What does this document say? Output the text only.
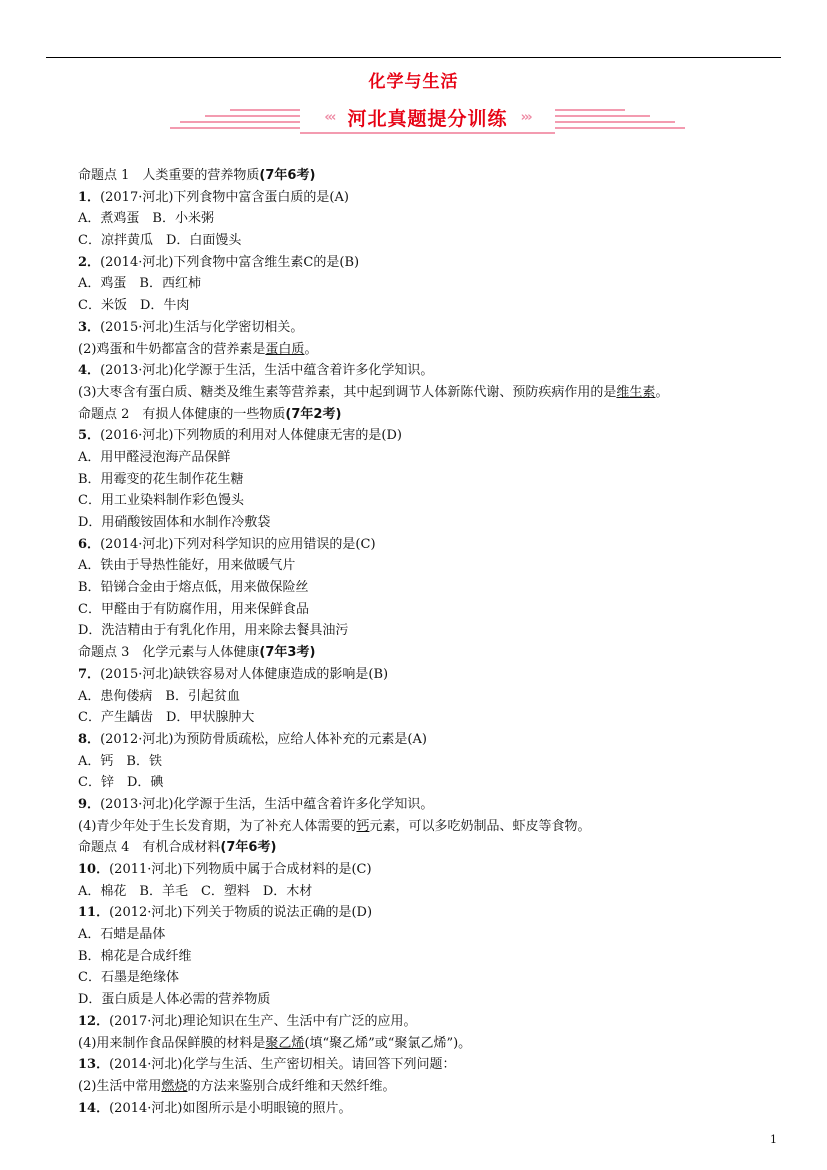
化学与生活
‹‹‹ 河北真题提分训练 ›››
命题点 1  人类重要的营养物质(7年6考)
1．(2017·河北)下列食物中富含蛋白质的是(A)
A．煮鸡蛋　B．小米粥
C．凉拌黄瓜　D．白面馒头
2．(2014·河北)下列食物中富含维生素C的是(B)
A．鸡蛋　B．西红柿
C．米饭　D．牛肉
3．(2015·河北)生活与化学密切相关。
(2)鸡蛋和牛奶都富含的营养素是蛋白质。
4．(2013·河北)化学源于生活，生活中蕴含着许多化学知识。
(3)大枣含有蛋白质、糖类及维生素等营养素，其中起到调节人体新陈代谢、预防疾病作用的是维生素。
命题点 2  有损人体健康的一些物质(7年2考)
5．(2016·河北)下列物质的利用对人体健康无害的是(D)
A．用甲醛浸泡海产品保鲜
B．用霉变的花生制作花生糖
C．用工业染料制作彩色馒头
D．用硝酸铵固体和水制作冷敷袋
6．(2014·河北)下列对科学知识的应用错误的是(C)
A．铁由于导热性能好，用来做暖气片
B．铅锑合金由于熔点低，用来做保险丝
C．甲醛由于有防腐作用，用来保鲜食品
D．洗洁精由于有乳化作用，用来除去餐具油污
命题点 3  化学元素与人体健康(7年3考)
7．(2015·河北)缺铁容易对人体健康造成的影响是(B)
A．患佝偻病　B．引起贫血
C．产生龋齿　D．甲状腺肿大
8．(2012·河北)为预防骨质疏松，应给人体补充的元素是(A)
A．钙　B．铁
C．锌　D．碘
9．(2013·河北)化学源于生活，生活中蕴含着许多化学知识。
(4)青少年处于生长发育期，为了补充人体需要的钙元素，可以多吃奶制品、虾皮等食物。
命题点 4  有机合成材料(7年6考)
10．(2011·河北)下列物质中属于合成材料的是(C)
A．棉花　B．羊毛　C．塑料　D．木材
11．(2012·河北)下列关于物质的说法正确的是(D)
A．石蜡是晶体
B．棉花是合成纤维
C．石墨是绝缘体
D．蛋白质是人体必需的营养物质
12．(2017·河北)理论知识在生产、生活中有广泛的应用。
(4)用来制作食品保鲜膜的材料是聚乙烯(填“聚乙烯”或“聚氯乙烯”)。
13．(2014·河北)化学与生活、生产密切相关。请回答下列问题：
(2)生活中常用燃烧的方法来鉴别合成纤维和天然纤维。
14．(2014·河北)如图所示是小明眼镜的照片。
1
